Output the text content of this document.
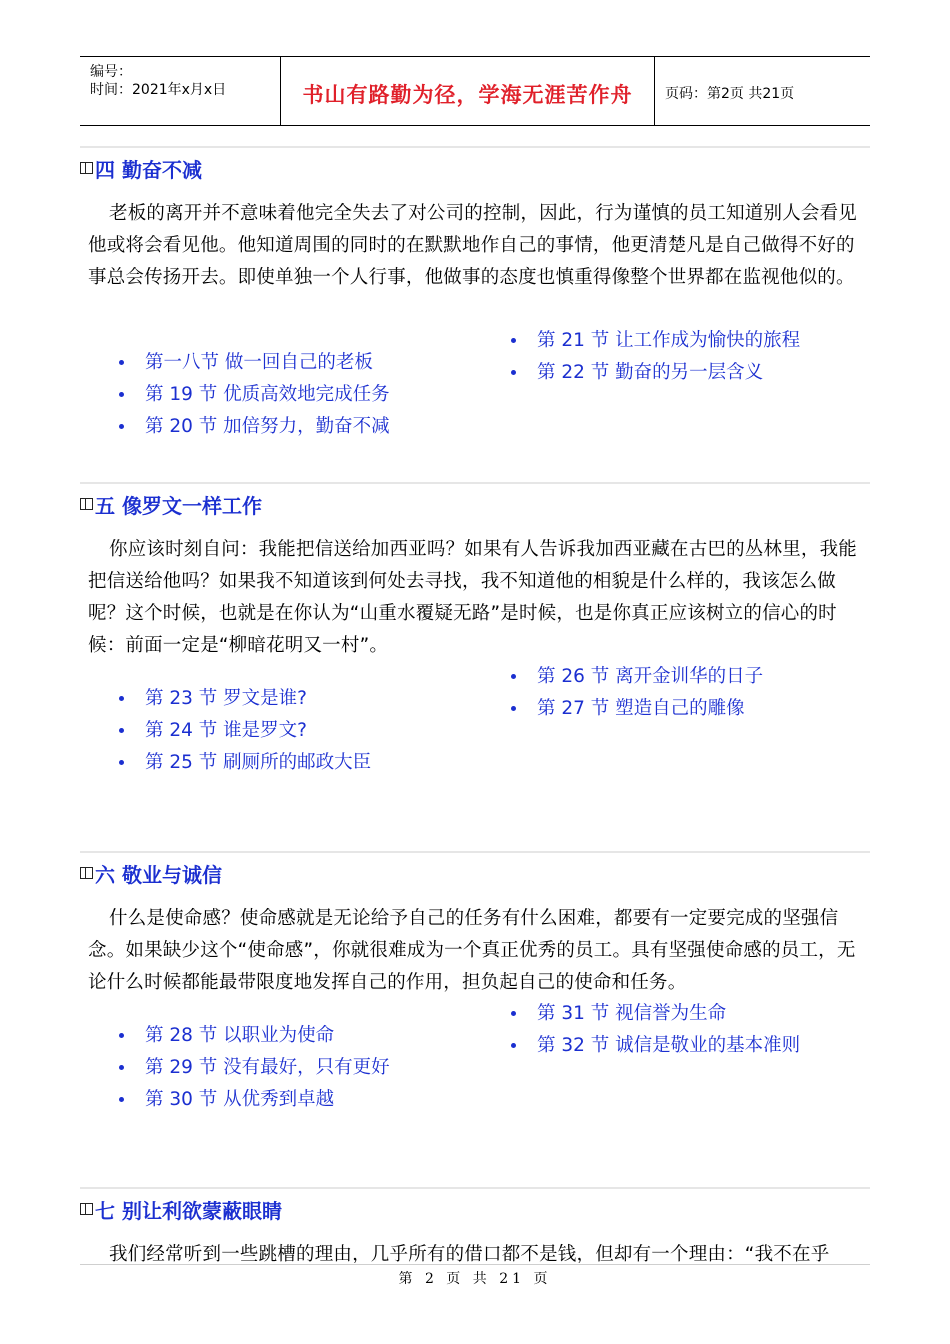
编号：
时间：2021年x月x日	书山有路勤为径，学海无涯苦作舟	页码：第2页 共21页
四 勤奋不减
老板的离开并不意味着他完全失去了对公司的控制，因此，行为谨慎的员工知道别人会看见他或将会看见他。他知道周围的同时的在默默地作自己的事情，他更清楚凡是自己做得不好的事总会传扬开去。即使单独一个人行事，他做事的态度也慎重得像整个世界都在监视他似的。
第一八节 做一回自己的老板
第 19 节 优质高效地完成任务
第 20 节 加倍努力，勤奋不减
第 21 节 让工作成为愉快的旅程
第 22 节 勤奋的另一层含义
五 像罗文一样工作
你应该时刻自问：我能把信送给加西亚吗？如果有人告诉我加西亚藏在古巴的丛林里，我能把信送给他吗？如果我不知道该到何处去寻找，我不知道他的相貌是什么样的，我该怎么做呢？这个时候，也就是在你认为“山重水覆疑无路”是时候，也是你真正应该树立的信心的时候：前面一定是“柳暗花明又一村”。
第 23 节 罗文是谁?
第 24 节 谁是罗文?
第 25 节 刷厕所的邮政大臣
第 26 节 离开金训华的日子
第 27 节 塑造自己的雕像
六 敬业与诚信
什么是使命感？使命感就是无论给予自己的任务有什么困难，都要有一定要完成的坚强信念。如果缺少这个“使命感”，你就很难成为一个真正优秀的员工。具有坚强使命感的员工，无论什么时候都能最带限度地发挥自己的作用，担负起自己的使命和任务。
第 28 节 以职业为使命
第 29 节 没有最好，只有更好
第 30 节 从优秀到卓越
第 31 节 视信誉为生命
第 32 节 诚信是敬业的基本准则
七 别让利欲蒙蔽眼睛
我们经常听到一些跳槽的理由，几乎所有的借口都不是钱，但却有一个理由：“我不在乎
第 2 页 共 21 页
